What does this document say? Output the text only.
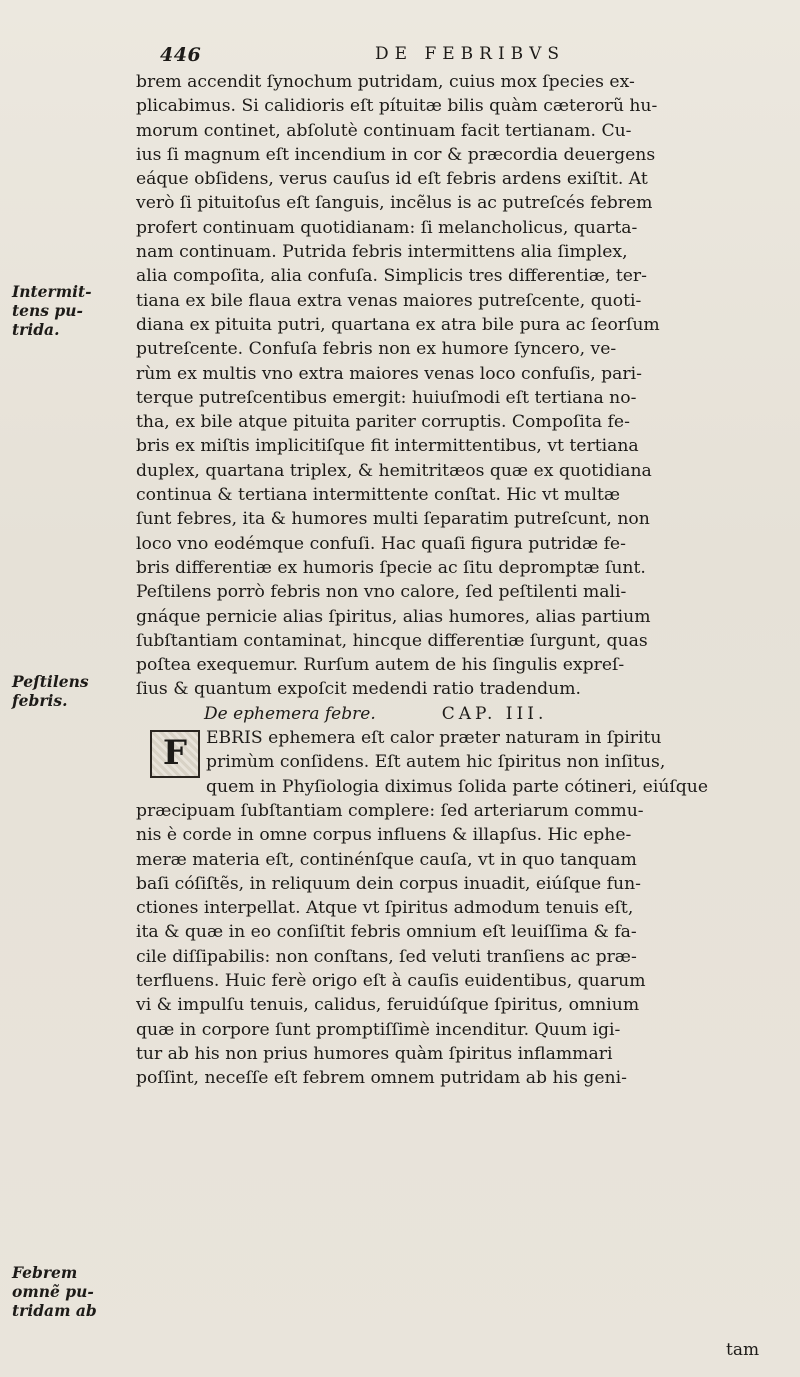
446	DE FEBRIBVS
Intermit-
tens pu-
trida.
Peſtilens
febris.
Febrem
omnẽ pu-
tridam ab
brem accendit ſynochum putridam, cuius mox ſpecies ex-
plicabimus. Si calidioris eſt pítuitæ bilis quàm cæterorũ hu-
morum continet, abſolutè continuam facit tertianam. Cu-
ius ſi magnum eſt incendium in cor & præcordia deuergens
eáque obſidens, verus cauſus id eſt febris ardens exiſtit. At
verò ſi pituitoſus eſt ſanguis, incẽlus is ac putreſcés febrem
profert continuam quotidianam: ſi melancholicus, quarta-
nam continuam. Putrida febris intermittens alia ſimplex,
alia compoſita, alia confuſa. Simplicis tres differentiæ, ter-
tiana ex bile flaua extra venas maiores putreſcente, quoti-
diana ex pituita putri, quartana ex atra bile pura ac ſeorſum
putreſcente. Confuſa febris non ex humore ſyncero, ve-
rùm ex multis vno extra maiores venas loco confuſis, pari-
terque putreſcentibus emergit: huiuſmodi eſt tertiana no-
tha, ex bile atque pituita pariter corruptis. Compoſita fe-
bris ex miſtis implicitiſque fit intermittentibus, vt tertiana
duplex, quartana triplex, & hemitritæos quæ ex quotidiana
continua & tertiana intermittente conſtat. Hic vt multæ
ſunt febres, ita & humores multi ſeparatim putreſcunt, non
loco vno eodémque confuſi. Hac quaſi figura putridæ fe-
bris differentiæ ex humoris ſpecie ac ſitu depromptæ ſunt.
Peſtilens porrò febris non vno calore, ſed peſtilenti mali-
gnáque pernicie alias ſpiritus, alias humores, alias partium
ſubſtantiam contaminat, hincque differentiæ ſurgunt, quas
poſtea exequemur. Rurſum autem de his ſingulis expreſ-
ſius & quantum expoſcit medendi ratio tradendum.
De ephemera febre.	CAP. III.
F	EBRIS ephemera eſt calor præter naturam in ſpiritu
primùm conſidens. Eſt autem hic ſpiritus non inſitus,
quem in Phyſiologia diximus ſolida parte cótineri, eiúſque
præcipuam ſubſtantiam complere: ſed arteriarum commu-
nis è corde in omne corpus influens & illapſus. Hic ephe-
meræ materia eſt, continénſque cauſa, vt in quo tanquam
baſi cóſiſtẽs, in reliquum dein corpus inuadit, eiúſque fun-
ctiones interpellat. Atque vt ſpiritus admodum tenuis eſt,
ita & quæ in eo conſiſtit febris omnium eſt leuiſſima & fa-
cile diſſipabilis: non conſtans, ſed veluti tranſiens ac præ-
terfluens. Huic ferè origo eſt à cauſis euidentibus, quarum
vi & impulſu tenuis, calidus, feruidúſque ſpiritus, omnium
quæ in corpore ſunt promptiſſimè incenditur. Quum igi-
tur ab his non prius humores quàm ſpiritus inflammari
poſſint, neceſſe eſt febrem omnem putridam ab his geni-
tam
